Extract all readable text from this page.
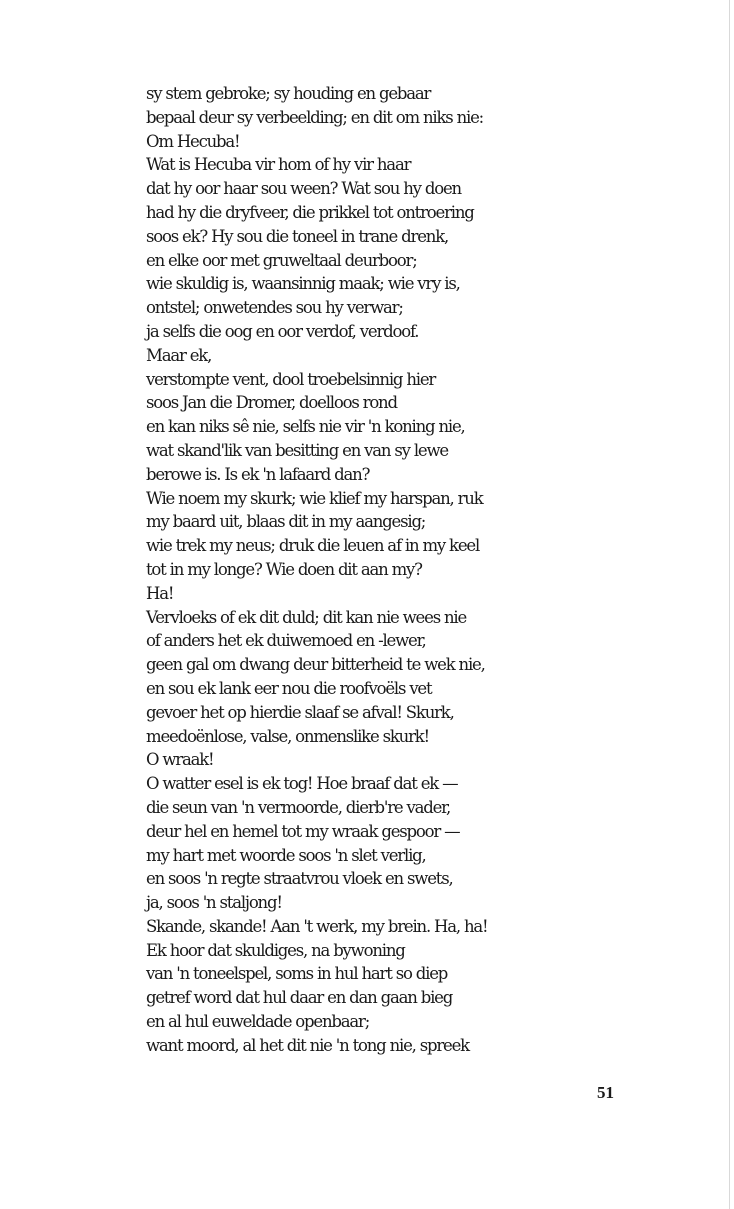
sy stem gebroke; sy houding en gebaar
bepaal deur sy verbeelding; en dit om niks nie:
Om Hecuba!
Wat is Hecuba vir hom of hy vir haar
dat hy oor haar sou ween? Wat sou hy doen
had hy die dryfveer, die prikkel tot ontroering
soos ek? Hy sou die toneel in trane drenk,
en elke oor met gruweltaal deurboor;
wie skuldig is, waansinnig maak; wie vry is,
ontstel; onwetendes sou hy verwar;
ja selfs die oog en oor verdof, verdoof.
Maar ek,
verstompte vent, dool troebelsinnig hier
soos Jan die Dromer, doelloos rond
en kan niks sê nie, selfs nie vir 'n koning nie,
wat skand'lik van besitting en van sy lewe
berowe is. Is ek 'n lafaard dan?
Wie noem my skurk; wie klief my harspan, ruk
my baard uit, blaas dit in my aangesig;
wie trek my neus; druk die leuen af in my keel
tot in my longe? Wie doen dit aan my?
Ha!
Vervloeks of ek dit duld; dit kan nie wees nie
of anders het ek duiwemoed en -lewer,
geen gal om dwang deur bitterheid te wek nie,
en sou ek lank eer nou die roofvoëls vet
gevoer het op hierdie slaaf se afval! Skurk,
meedoënlose, valse, onmenslike skurk!
O wraak!
O watter esel is ek tog! Hoe braaf dat ek —
die seun van 'n vermoorde, dierb're vader,
deur hel en hemel tot my wraak gespoor —
my hart met woorde soos 'n slet verlig,
en soos 'n regte straatvrou vloek en swets,
ja, soos 'n staljong!
Skande, skande! Aan 't werk, my brein. Ha, ha!
Ek hoor dat skuldiges, na bywoning
van 'n toneelspel, soms in hul hart so diep
getref word dat hul daar en dan gaan bieg
en al hul euweldade openbaar;
want moord, al het dit nie 'n tong nie, spreek
51
